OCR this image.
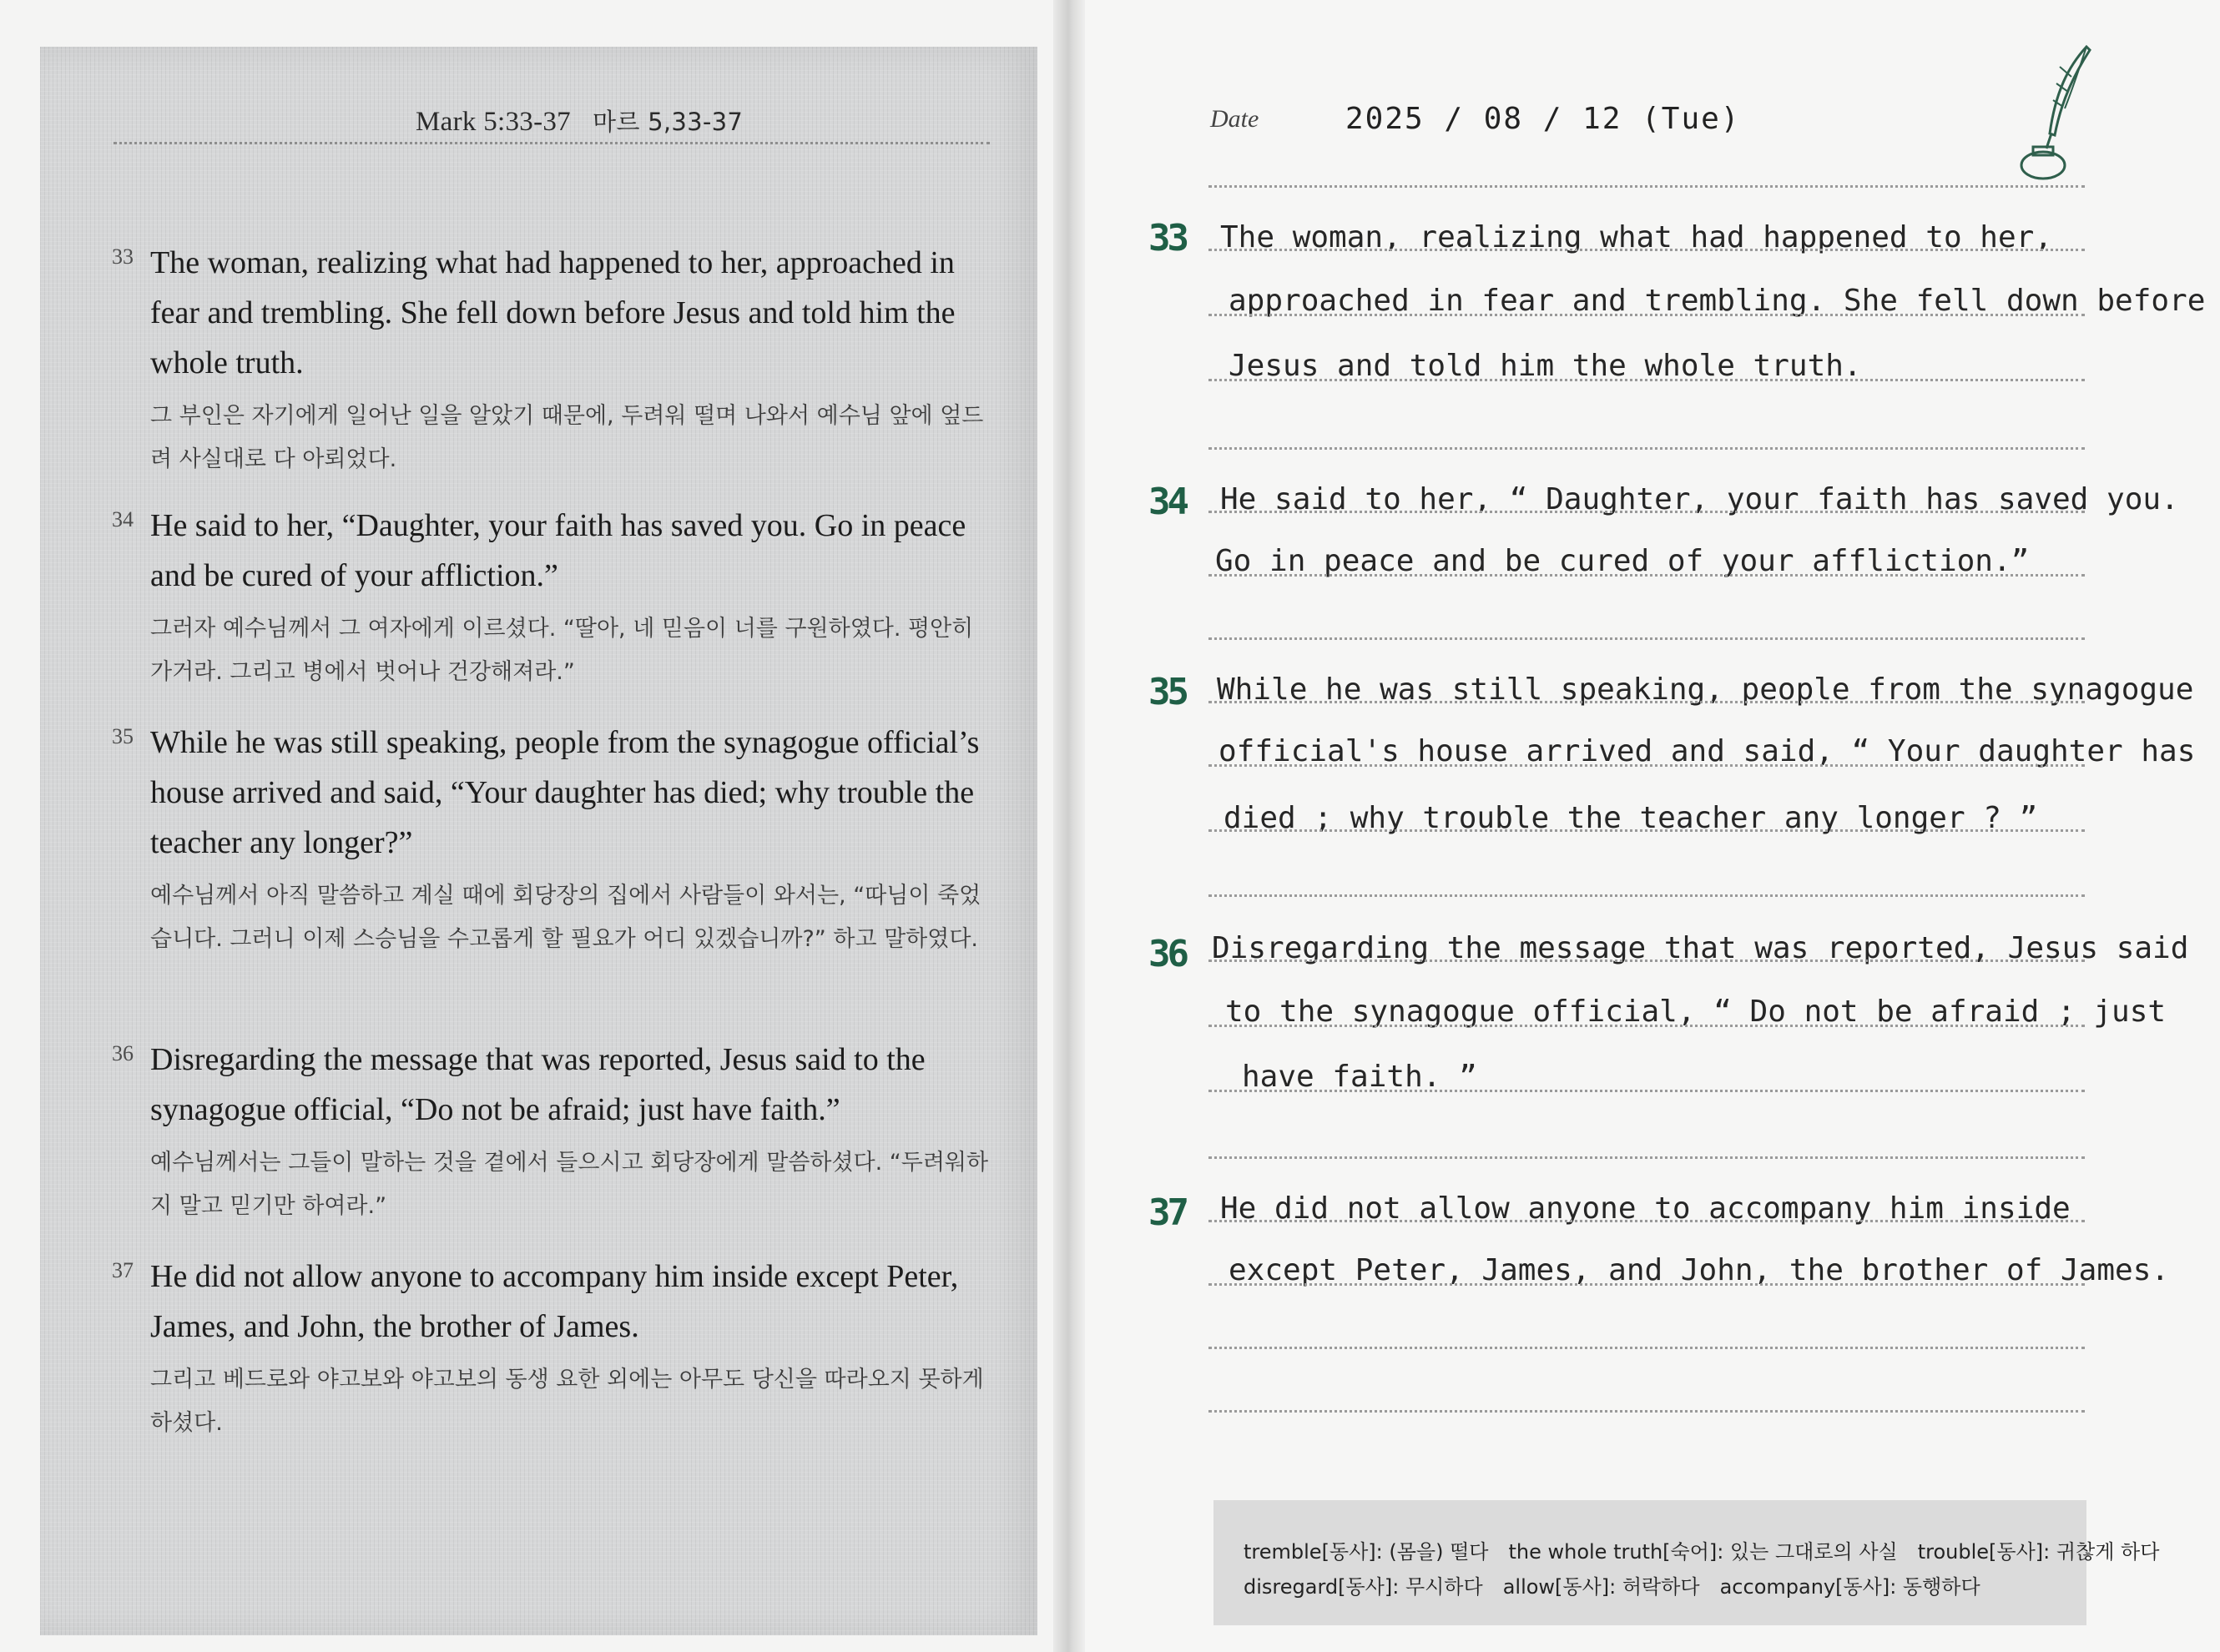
Mark 5:33-37 마르 5,33-37
33 The woman, realizing what had happened to her, approached in fear and trembling. She fell down before Jesus and told him the whole truth.
그 부인은 자기에게 일어난 일을 알았기 때문에, 두려워 떨며 나와서 예수님 앞에 엎드려 사실대로 다 아뢰었다.
34 He said to her, “Daughter, your faith has saved you. Go in peace and be cured of your affliction.”
그러자 예수님께서 그 여자에게 이르셨다. “딸아, 네 믿음이 너를 구원하였다. 평안히 가거라. 그리고 병에서 벗어나 건강해져라.”
35 While he was still speaking, people from the synagogue official’s house arrived and said, “Your daughter has died; why trouble the teacher any longer?”
예수님께서 아직 말씀하고 계실 때에 회당장의 집에서 사람들이 와서는, “따님이 죽었습니다. 그러니 이제 스승님을 수고롭게 할 필요가 어디 있겠습니까?” 하고 말하였다.
36 Disregarding the message that was reported, Jesus said to the synagogue official, “Do not be afraid; just have faith.”
예수님께서는 그들이 말하는 것을 곁에서 들으시고 회당장에게 말씀하셨다. “두려워하지 말고 믿기만 하여라.”
37 He did not allow anyone to accompany him inside except Peter, James, and John, the brother of James.
그리고 베드로와 야고보와 야고보의 동생 요한 외에는 아무도 당신을 따라오지 못하게 하셨다.
Date	2025 / 08 / 12 (Tue)
33 The woman, realizing what had happened to her,
approached in fear and trembling. She fell down before
Jesus and told him the whole truth.
34 He said to her, “ Daughter, your faith has saved you.
Go in peace and be cured of your affliction.”
35 While he was still speaking, people from the synagogue
official's house arrived and said, “ Your daughter has
died ; why trouble the teacher any longer ? ”
36 Disregarding the message that was reported, Jesus said
to the synagogue official, “ Do not be afraid ; just
have faith. ”
37 He did not allow anyone to accompany him inside
except Peter, James, and John, the brother of James.
tremble[동사]: (몸을) 떨다 the whole truth[숙어]: 있는 그대로의 사실 trouble[동사]: 귀찮게 하다
disregard[동사]: 무시하다 allow[동사]: 허락하다 accompany[동사]: 동행하다
